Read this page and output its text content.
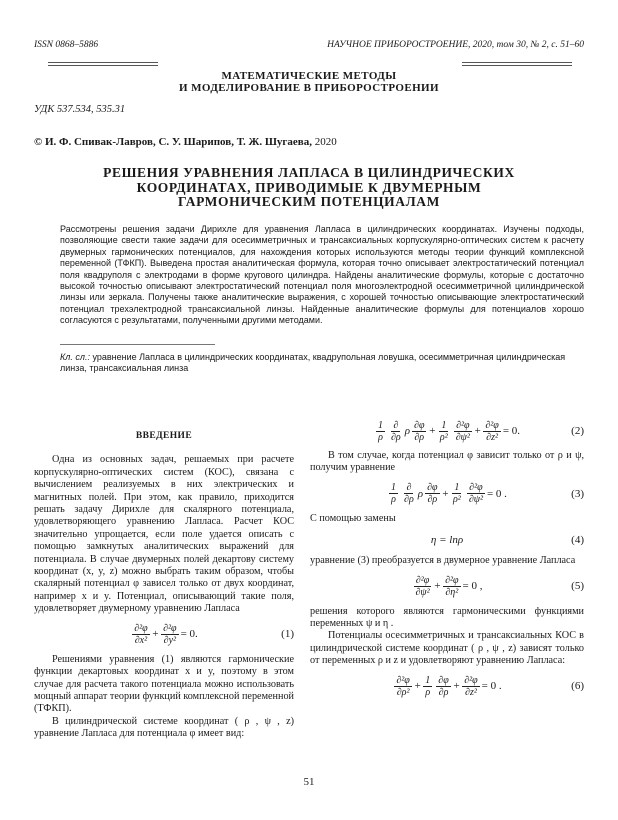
ISSN 0868–5886	НАУЧНОЕ ПРИБОРОСТРОЕНИЕ, 2020, том 30, № 2, c. 51–60
МАТЕМАТИЧЕСКИЕ МЕТОДЫ
И МОДЕЛИРОВАНИЕ В ПРИБОРОСТРОЕНИИ
УДК 537.534, 535.31
© И. Ф. Спивак-Лавров, С. У. Шарипов, Т. Ж. Шугаева, 2020
РЕШЕНИЯ УРАВНЕНИЯ ЛАПЛАСА В ЦИЛИНДРИЧЕСКИХ
КООРДИНАТАХ, ПРИВОДИМЫЕ К ДВУМЕРНЫМ
ГАРМОНИЧЕСКИМ ПОТЕНЦИАЛАМ
Рассмотрены решения задачи Дирихле для уравнения Лапласа в цилиндрических координатах. Изучены подходы, позволяющие свести такие задачи для осесимметричных и трансаксиальных корпускулярно-оптических систем к расчету двумерных гармонических потенциалов, для нахождения которых используются методы теории функций комплексной переменной (ТФКП). Выведена простая аналитическая формула, которая точно описывает электростатический потенциал поля квадруполя с электродами в форме кругового цилиндра. Найдены аналитические формулы, которые с достаточно высокой точностью описывают электростатический потенциал поля многоэлектродной осесимметричной цилиндрической линзы или зеркала. Получены также аналитические выражения, с хорошей точностью описывающие электростатический потенциал трехэлектродной трансаксиальной линзы. Найденные аналитические формулы для потенциалов хорошо согласуются с результатами, полученными другими методами.
Кл. сл.: уравнение Лапласа в цилиндрических координатах, квадрупольная ловушка, осесимметричная цилиндрическая линза, трансаксиальная линза
ВВЕДЕНИЕ

Одна из основных задач, решаемых при расчете корпускулярно-оптических систем (КОС), связана с вычислением реализуемых в них электрических и магнитных полей. При этом, как правило, приходится решать задачу Дирихле для скалярного потенциала, удовлетворяющего уравнению Лапласа. Расчет КОС значительно упрощается, если поле удается описать с помощью замкнутых аналитических выражений для потенциала. В случае двумерных полей декартову систему координат (x, y, z) можно выбрать таким образом, чтобы скалярный потенциал φ зависел только от двух координат, например x и y. Потенциал, описывающий такие поля, удовлетворяет двумерному уравнению Лапласа

$\frac{\text{∂²φ}}{\text{∂x²}} + \frac{\text{∂²φ}}{\text{∂y²}} = 0$.	(1)

Решениями уравнения (1) являются гармонические функции декартовых координат x и y, поэтому в этом случае для расчета такого потенциала можно использовать мощный аппарат теории функций комплексной переменной (ТФКП).

В цилиндрической системе координат ( ρ , ψ , z) уравнение Лапласа для потенциала φ имеет вид:

$\frac{1}{\rho} \frac{\partial}{\partial\rho}$ ρ $\frac{\partial\varphi}{\partial\rho} + \frac{1}{\text{ρ²}} \frac{\text{∂²φ}}{\text{∂ψ²}} + \frac{\text{∂²φ}}{\text{∂z²}} = 0$.	(2)

В том случае, когда потенциал φ зависит только от ρ и ψ, получим уравнение

$\frac{1}{\rho} \frac{\partial}{\partial\rho}$ ρ $\frac{\partial\varphi}{\partial\rho} + \frac{1}{\text{ρ²}} \frac{\text{∂²φ}}{\text{∂ψ²}} = 0$ .	(3)

С помощью замены

η = lnρ	(4)

уравнение (3) преобразуется в двумерное уравнение Лапласа

$\frac{\text{∂²φ}}{\text{∂ψ²}} + \frac{\text{∂²φ}}{\text{∂η²}} = 0$ ,	(5)

решения которого являются гармоническими функциями переменных ψ и η .

Потенциалы осесимметричных и трансаксиальных КОС в цилиндрической системе координат ( ρ , ψ , z) зависят только от переменных ρ и z и удовлетворяют уравнению Лапласа:

$\frac{\text{∂²φ}}{\text{∂ρ²}} + \frac{1}{\rho} \frac{\partial\varphi}{\partial\rho} + \frac{\text{∂²φ}}{\text{∂z²}} = 0$ .	(6)
51
